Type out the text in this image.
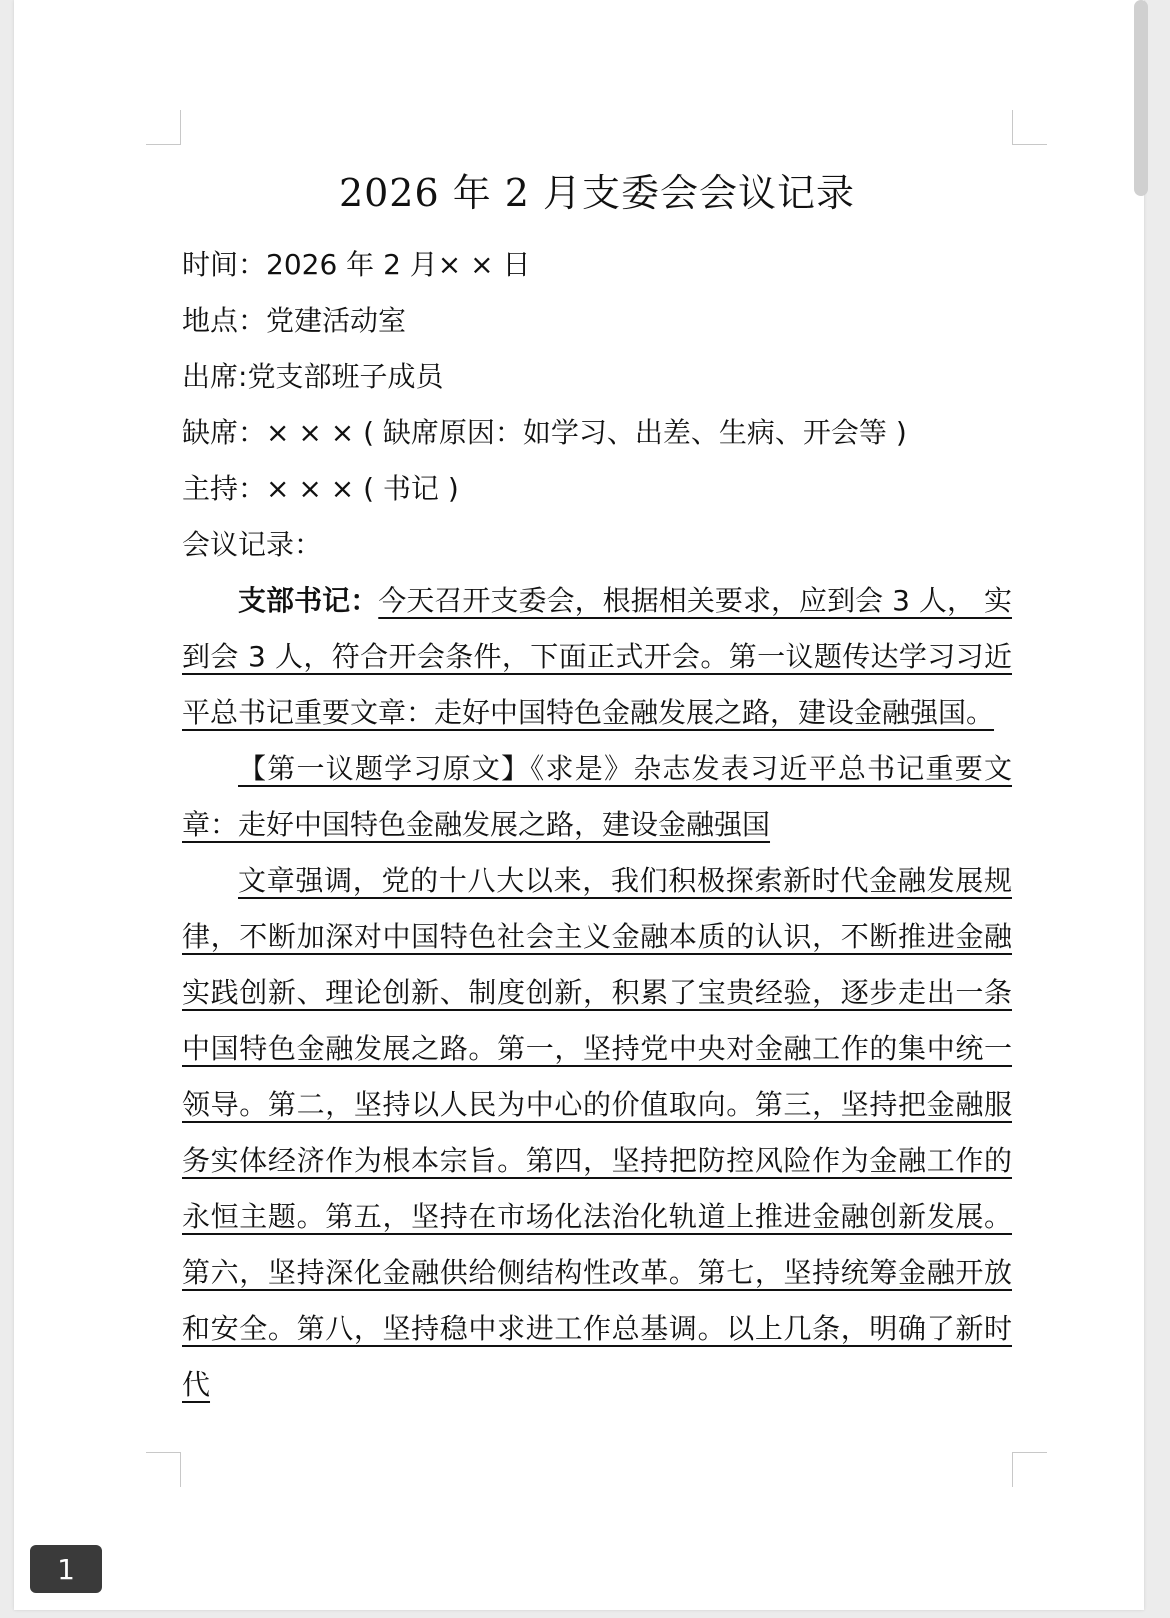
2026 年 2 月支委会会议记录

时间：2026 年 2 月× × 日

地点：党建活动室

出席:党支部班子成员

缺席：× × × ( 缺席原因：如学习、出差、生病、开会等 )

主持：× × × ( 书记 )

会议记录：

支部书记：今天召开支委会，根据相关要求，应到会 3 人， 实到会 3 人，符合开会条件，下面正式开会。第一议题传达学习习近平总书记重要文章：走好中国特色金融发展之路，建设金融强国。

【第一议题学习原文】《求是》杂志发表习近平总书记重要文章：走好中国特色金融发展之路，建设金融强国

文章强调，党的十八大以来，我们积极探索新时代金融发展规律，不断加深对中国特色社会主义金融本质的认识，不断推进金融实践创新、理论创新、制度创新，积累了宝贵经验，逐步走出一条中国特色金融发展之路。第一，坚持党中央对金融工作的集中统一领导。第二，坚持以人民为中心的价值取向。第三，坚持把金融服务实体经济作为根本宗旨。第四，坚持把防控风险作为金融工作的永恒主题。第五，坚持在市场化法治化轨道上推进金融创新发展。第六，坚持深化金融供给侧结构性改革。第七，坚持统筹金融开放和安全。第八，坚持稳中求进工作总基调。以上几条，明确了新时代

1
